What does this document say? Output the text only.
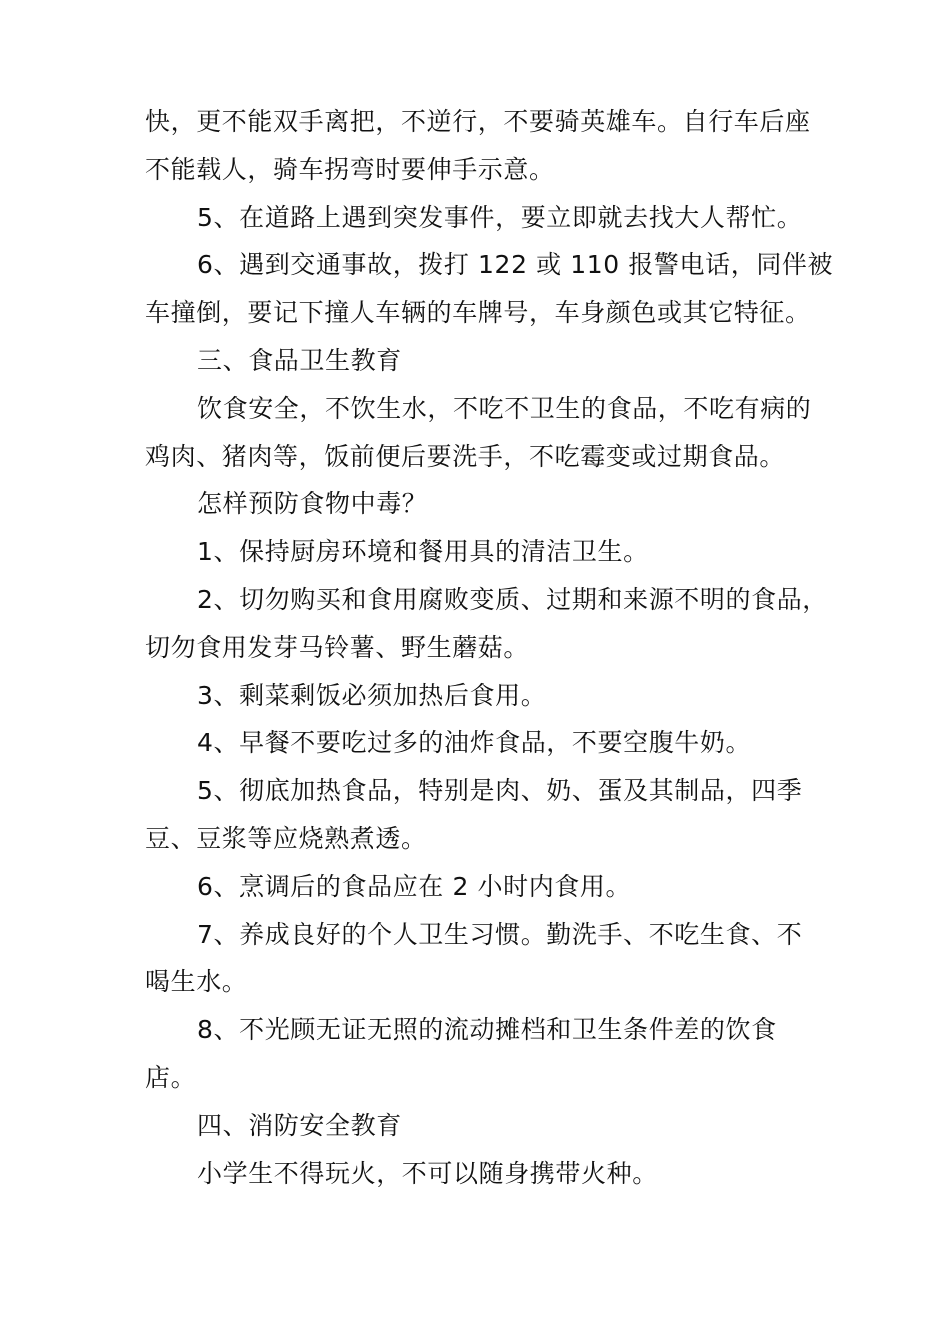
快，更不能双手离把，不逆行，不要骑英雄车。自行车后座
不能载人，骑车拐弯时要伸手示意。
5、在道路上遇到突发事件，要立即就去找大人帮忙。
6、遇到交通事故，拨打 122 或 110 报警电话，同伴被
车撞倒，要记下撞人车辆的车牌号，车身颜色或其它特征。
三、食品卫生教育
饮食安全，不饮生水，不吃不卫生的食品，不吃有病的
鸡肉、猪肉等，饭前便后要洗手，不吃霉变或过期食品。
怎样预防食物中毒？
1、保持厨房环境和餐用具的清洁卫生。
2、切勿购买和食用腐败变质、过期和来源不明的食品，
切勿食用发芽马铃薯、野生蘑菇。
3、剩菜剩饭必须加热后食用。
4、早餐不要吃过多的油炸食品，不要空腹牛奶。
5、彻底加热食品，特别是肉、奶、蛋及其制品，四季
豆、豆浆等应烧熟煮透。
6、烹调后的食品应在 2 小时内食用。
7、养成良好的个人卫生习惯。勤洗手、不吃生食、不
喝生水。
8、不光顾无证无照的流动摊档和卫生条件差的饮食
店。
四、消防安全教育
小学生不得玩火，不可以随身携带火种。
